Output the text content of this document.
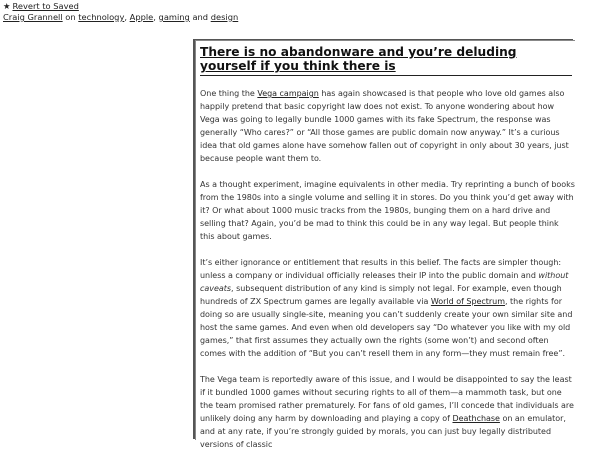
★ Revert to Saved
Craig Grannell on technology, Apple, gaming and design
There is no abandonware and you’re deluding yourself if you think there is

One thing the Vega campaign has again showcased is that people who love old games also happily pretend that basic copyright law does not exist. To anyone wondering about how Vega was going to legally bundle 1000 games with its fake Spectrum, the response was generally “Who cares?” or “All those games are public domain now anyway.” It’s a curious idea that old games alone have somehow fallen out of copyright in only about 30 years, just because people want them to.

As a thought experiment, imagine equivalents in other media. Try reprinting a bunch of books from the 1980s into a single volume and selling it in stores. Do you think you’d get away with it? Or what about 1000 music tracks from the 1980s, bunging them on a hard drive and selling that? Again, you’d be mad to think this could be in any way legal. But people think this about games.

It’s either ignorance or entitlement that results in this belief. The facts are simpler though: unless a company or individual officially releases their IP into the public domain and without caveats, subsequent distribution of any kind is simply not legal. For example, even though hundreds of ZX Spectrum games are legally available via World of Spectrum, the rights for doing so are usually single-site, meaning you can’t suddenly create your own similar site and host the same games. And even when old developers say “Do whatever you like with my old games,” that first assumes they actually own the rights (some won’t) and second often comes with the addition of “But you can’t resell them in any form—they must remain free”.

The Vega team is reportedly aware of this issue, and I would be disappointed to say the least if it bundled 1000 games without securing rights to all of them—a mammoth task, but one the team promised rather prematurely. For fans of old games, I’ll concede that individuals are unlikely doing any harm by downloading and playing a copy of Deathchase on an emulator, and at any rate, if you’re strongly guided by morals, you can just buy legally distributed versions of classic
